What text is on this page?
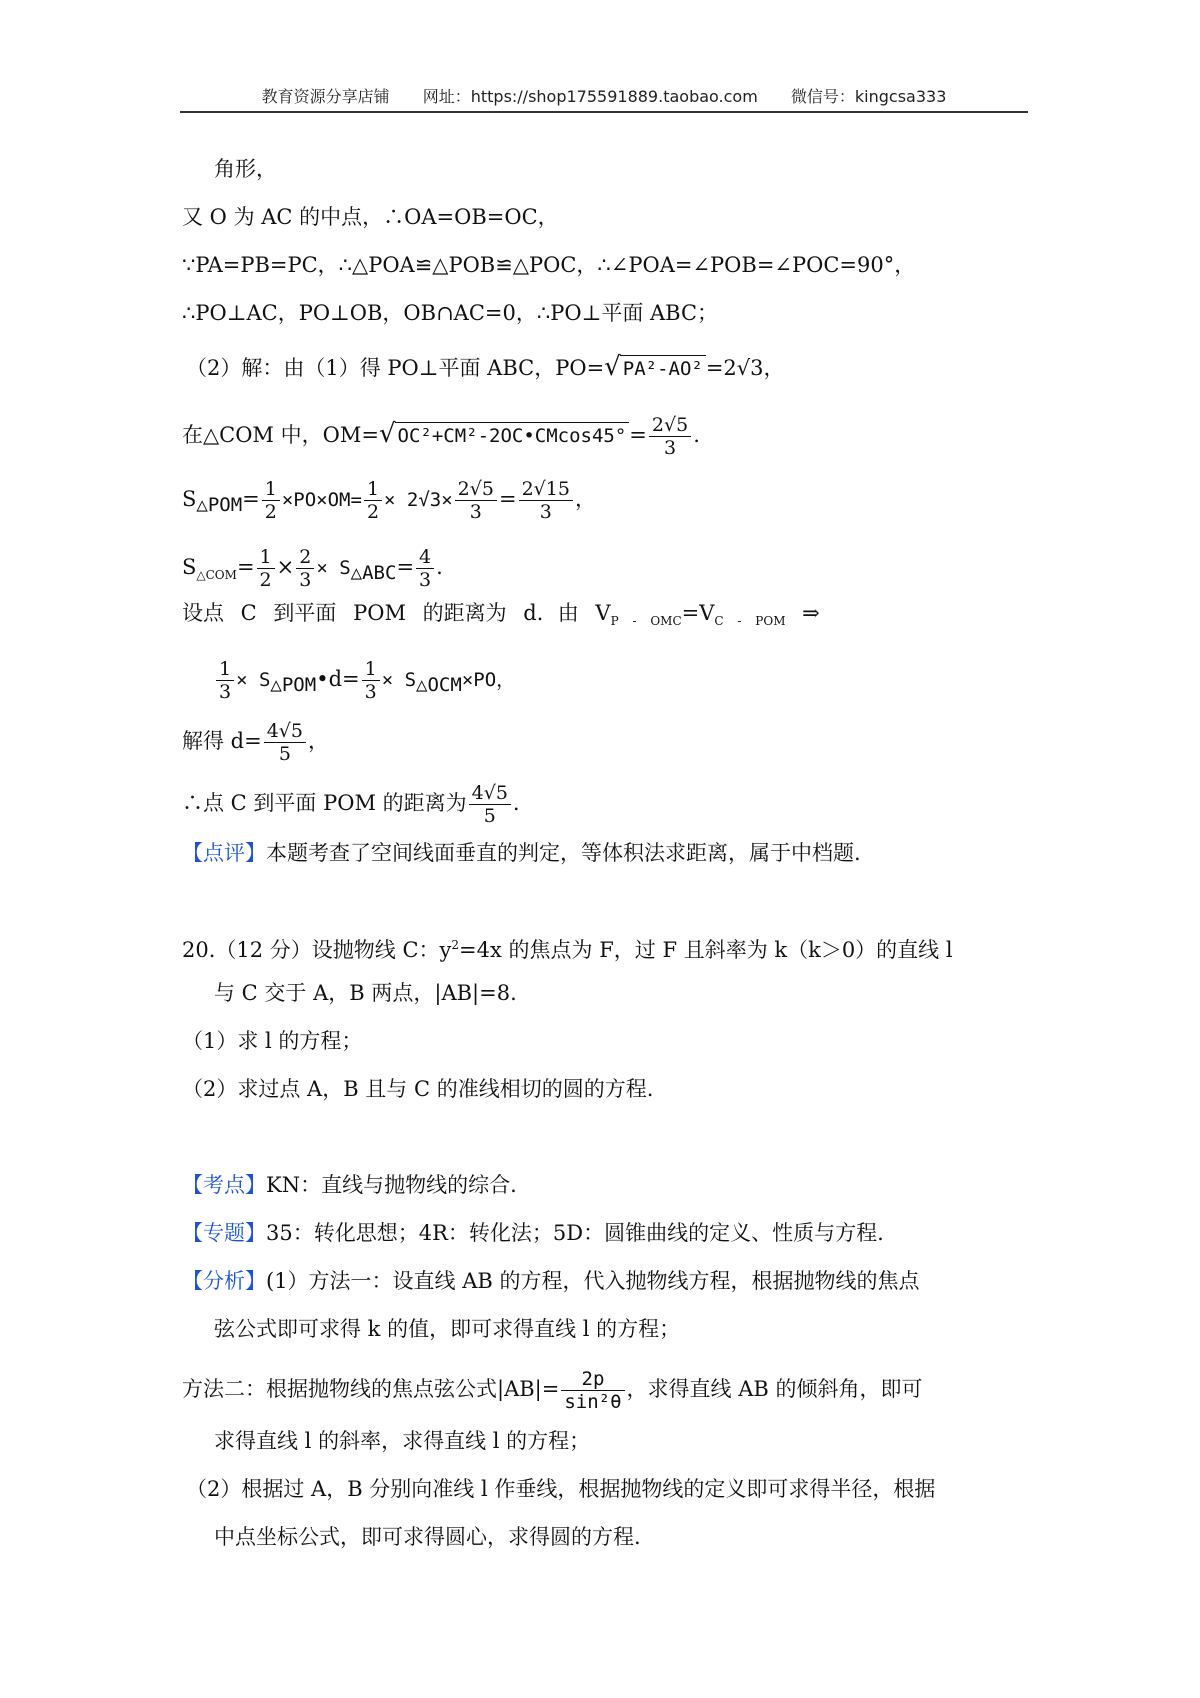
教育资源分享店铺 网址：https://shop175591889.taobao.com 微信号：kingcsa333
角形，
又 O 为 AC 的中点，∴OA=OB=OC，
∵PA=PB=PC，∴△POA≌△POB≌△POC，∴∠POA=∠POB=∠POC=90°，
∴PO⊥AC，PO⊥OB，OB∩AC=0，∴PO⊥平面 ABC；
（2）解：由（1）得 PO⊥平面 ABC，PO=√ PA²-AO² =2√3，
在△COM 中，OM=√ OC²+CM²-2OC•CMcos45° = $\frac{2√5}{3}$ .
$S_{\triangle POM}= \frac{1}{2} \times PO\times OM= \frac{1}{2} \times 2√3\times \frac{2√5}{3} = \frac{2√15}{3}$ ，
$S_{\triangle COM}= \frac{1}{2} \times \frac{2}{3} \times S_{\triangle ABC}= \frac{4}{3}$ .
设点 C 到平面 POM 的距离为 d．由 $V_{P - OMC}=V_{C - POM}$ ⇒
$\frac{1}{3}$ × $S_{\triangle POM}•d= \frac{1}{3} \times S_{\triangle OCM}\times PO$，
解得 $d= \frac{4√5}{5}$ ，
∴点 C 到平面 POM 的距离为 $\frac{4√5}{5}$ .
【点评】本题考查了空间线面垂直的判定，等体积法求距离，属于中档题.
20.（12 分）设抛物线 C：$y^2=4x$ 的焦点为 F，过 F 且斜率为 k（k＞0）的直线 l
与 C 交于 A，B 两点，|AB|=8.
（1）求 l 的方程；
（2）求过点 A，B 且与 C 的准线相切的圆的方程.
【考点】KN：直线与抛物线的综合.
【专题】35：转化思想；4R：转化法；5D：圆锥曲线的定义、性质与方程.
【分析】(1）方法一：设直线 AB 的方程，代入抛物线方程，根据抛物线的焦点
弦公式即可求得 k 的值，即可求得直线 l 的方程；
方法二：根据抛物线的焦点弦公式$|AB|= \frac{2p}{\text{sin²θ}}$ ，求得直线 AB 的倾斜角，即可
求得直线 l 的斜率，求得直线 l 的方程；
（2）根据过 A，B 分别向准线 l 作垂线，根据抛物线的定义即可求得半径，根据
中点坐标公式，即可求得圆心，求得圆的方程.
